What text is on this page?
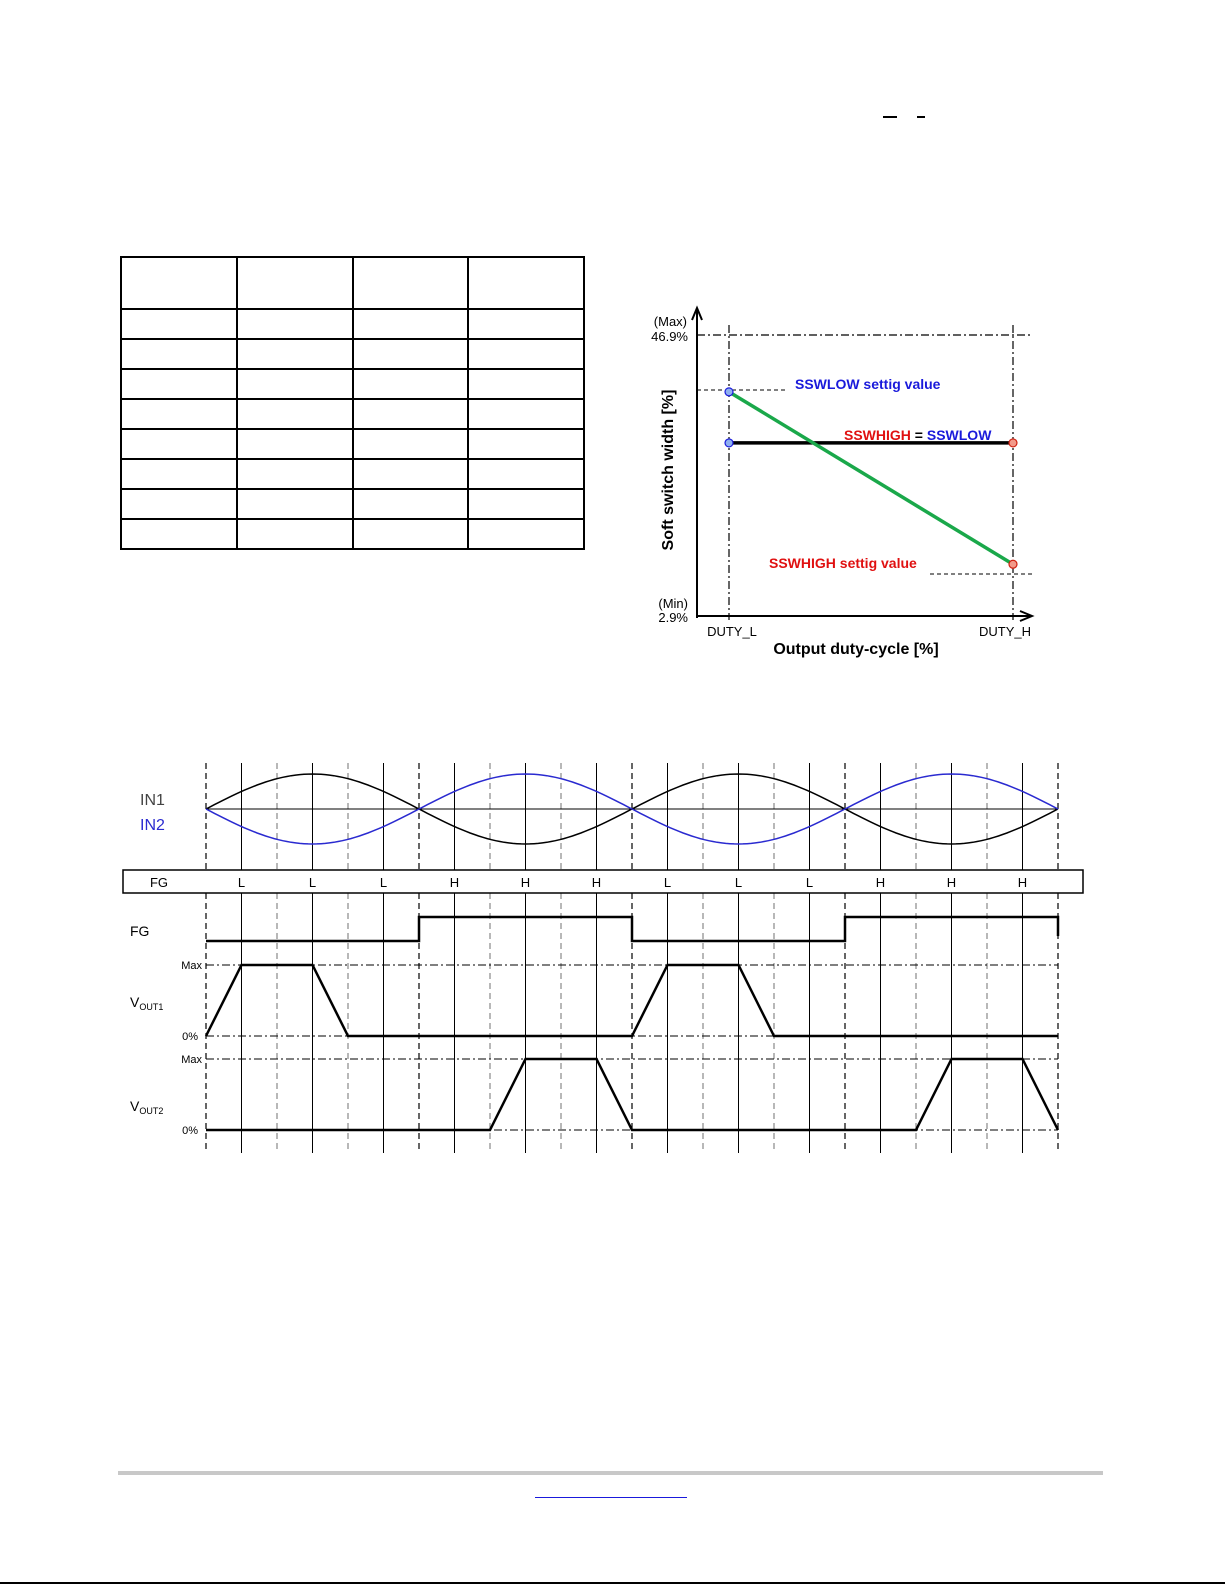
(Max)
46.9%
(Min)
2.9%
DUTY_L	DUTY_H
Output duty-cycle [%]
Soft switch width [%]
SSWLOW settig value
SSWHIGH settig value
SSWHIGH = SSWLOW
IN1
IN2
FG	L	L	L	H	H	H	L	L	L	H	H	H
FG
Max
0%
$V_{OUT1}$
Max
0%
$V_{OUT2}$
